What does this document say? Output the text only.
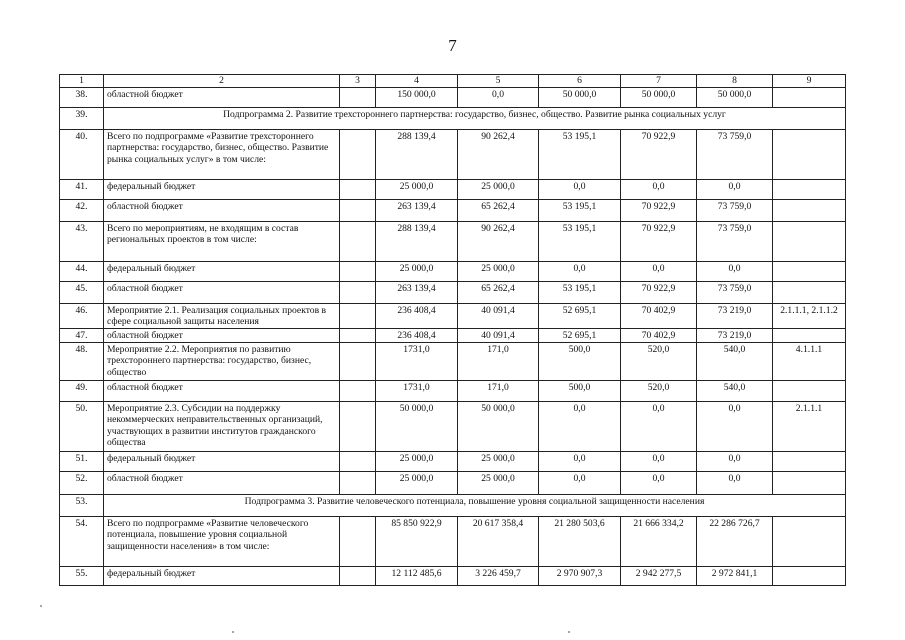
7
1	2	3	4	5	6	7	8	9
38.	областной бюджет		150 000,0	0,0	50 000,0	50 000,0	50 000,0	
39.	Подпрограмма 2. Развитие трехстороннего партнерства: государство, бизнес, общество. Развитие рынка социальных услуг							
40.	Всего по подпрограмме «Развитие трехстороннего партнерства: государство, бизнес, общество. Развитие рынка социальных услуг» в том числе:		288 139,4	90 262,4	53 195,1	70 922,9	73 759,0	
41.	федеральный бюджет		25 000,0	25 000,0	0,0	0,0	0,0	
42.	областной бюджет		263 139,4	65 262,4	53 195,1	70 922,9	73 759,0	
43.	Всего по мероприятиям, не входящим в состав региональных проектов в том числе:		288 139,4	90 262,4	53 195,1	70 922,9	73 759,0	
44.	федеральный бюджет		25 000,0	25 000,0	0,0	0,0	0,0	
45.	областной бюджет		263 139,4	65 262,4	53 195,1	70 922,9	73 759,0	
46.	Мероприятие 2.1. Реализация социальных проектов в сфере социальной защиты населения		236 408,4	40 091,4	52 695,1	70 402,9	73 219,0	2.1.1.1, 2.1.1.2
47.	областной бюджет		236 408,4	40 091,4	52 695,1	70 402,9	73 219,0	
48.	Мероприятие 2.2. Мероприятия по развитию трехстороннего партнерства: государство, бизнес, общество		1731,0	171,0	500,0	520,0	540,0	4.1.1.1
49.	областной бюджет		1731,0	171,0	500,0	520,0	540,0	
50.	Мероприятие 2.3. Субсидии на поддержку некоммерческих неправительственных организаций, участвующих в развитии институтов гражданского общества		50 000,0	50 000,0	0,0	0,0	0,0	2.1.1.1
51.	федеральный бюджет		25 000,0	25 000,0	0,0	0,0	0,0	
52.	областной бюджет		25 000,0	25 000,0	0,0	0,0	0,0	
53.	Подпрограмма 3. Развитие человеческого потенциала, повышение уровня социальной защищенности населения							
54.	Всего по подпрограмме «Развитие человеческого потенциала, повышение уровня социальной защищенности населения» в том числе:		85 850 922,9	20 617 358,4	21 280 503,6	21 666 334,2	22 286 726,7	
55.	федеральный бюджет		12 112 485,6	3 226 459,7	2 970 907,3	2 942 277,5	2 972 841,1	
